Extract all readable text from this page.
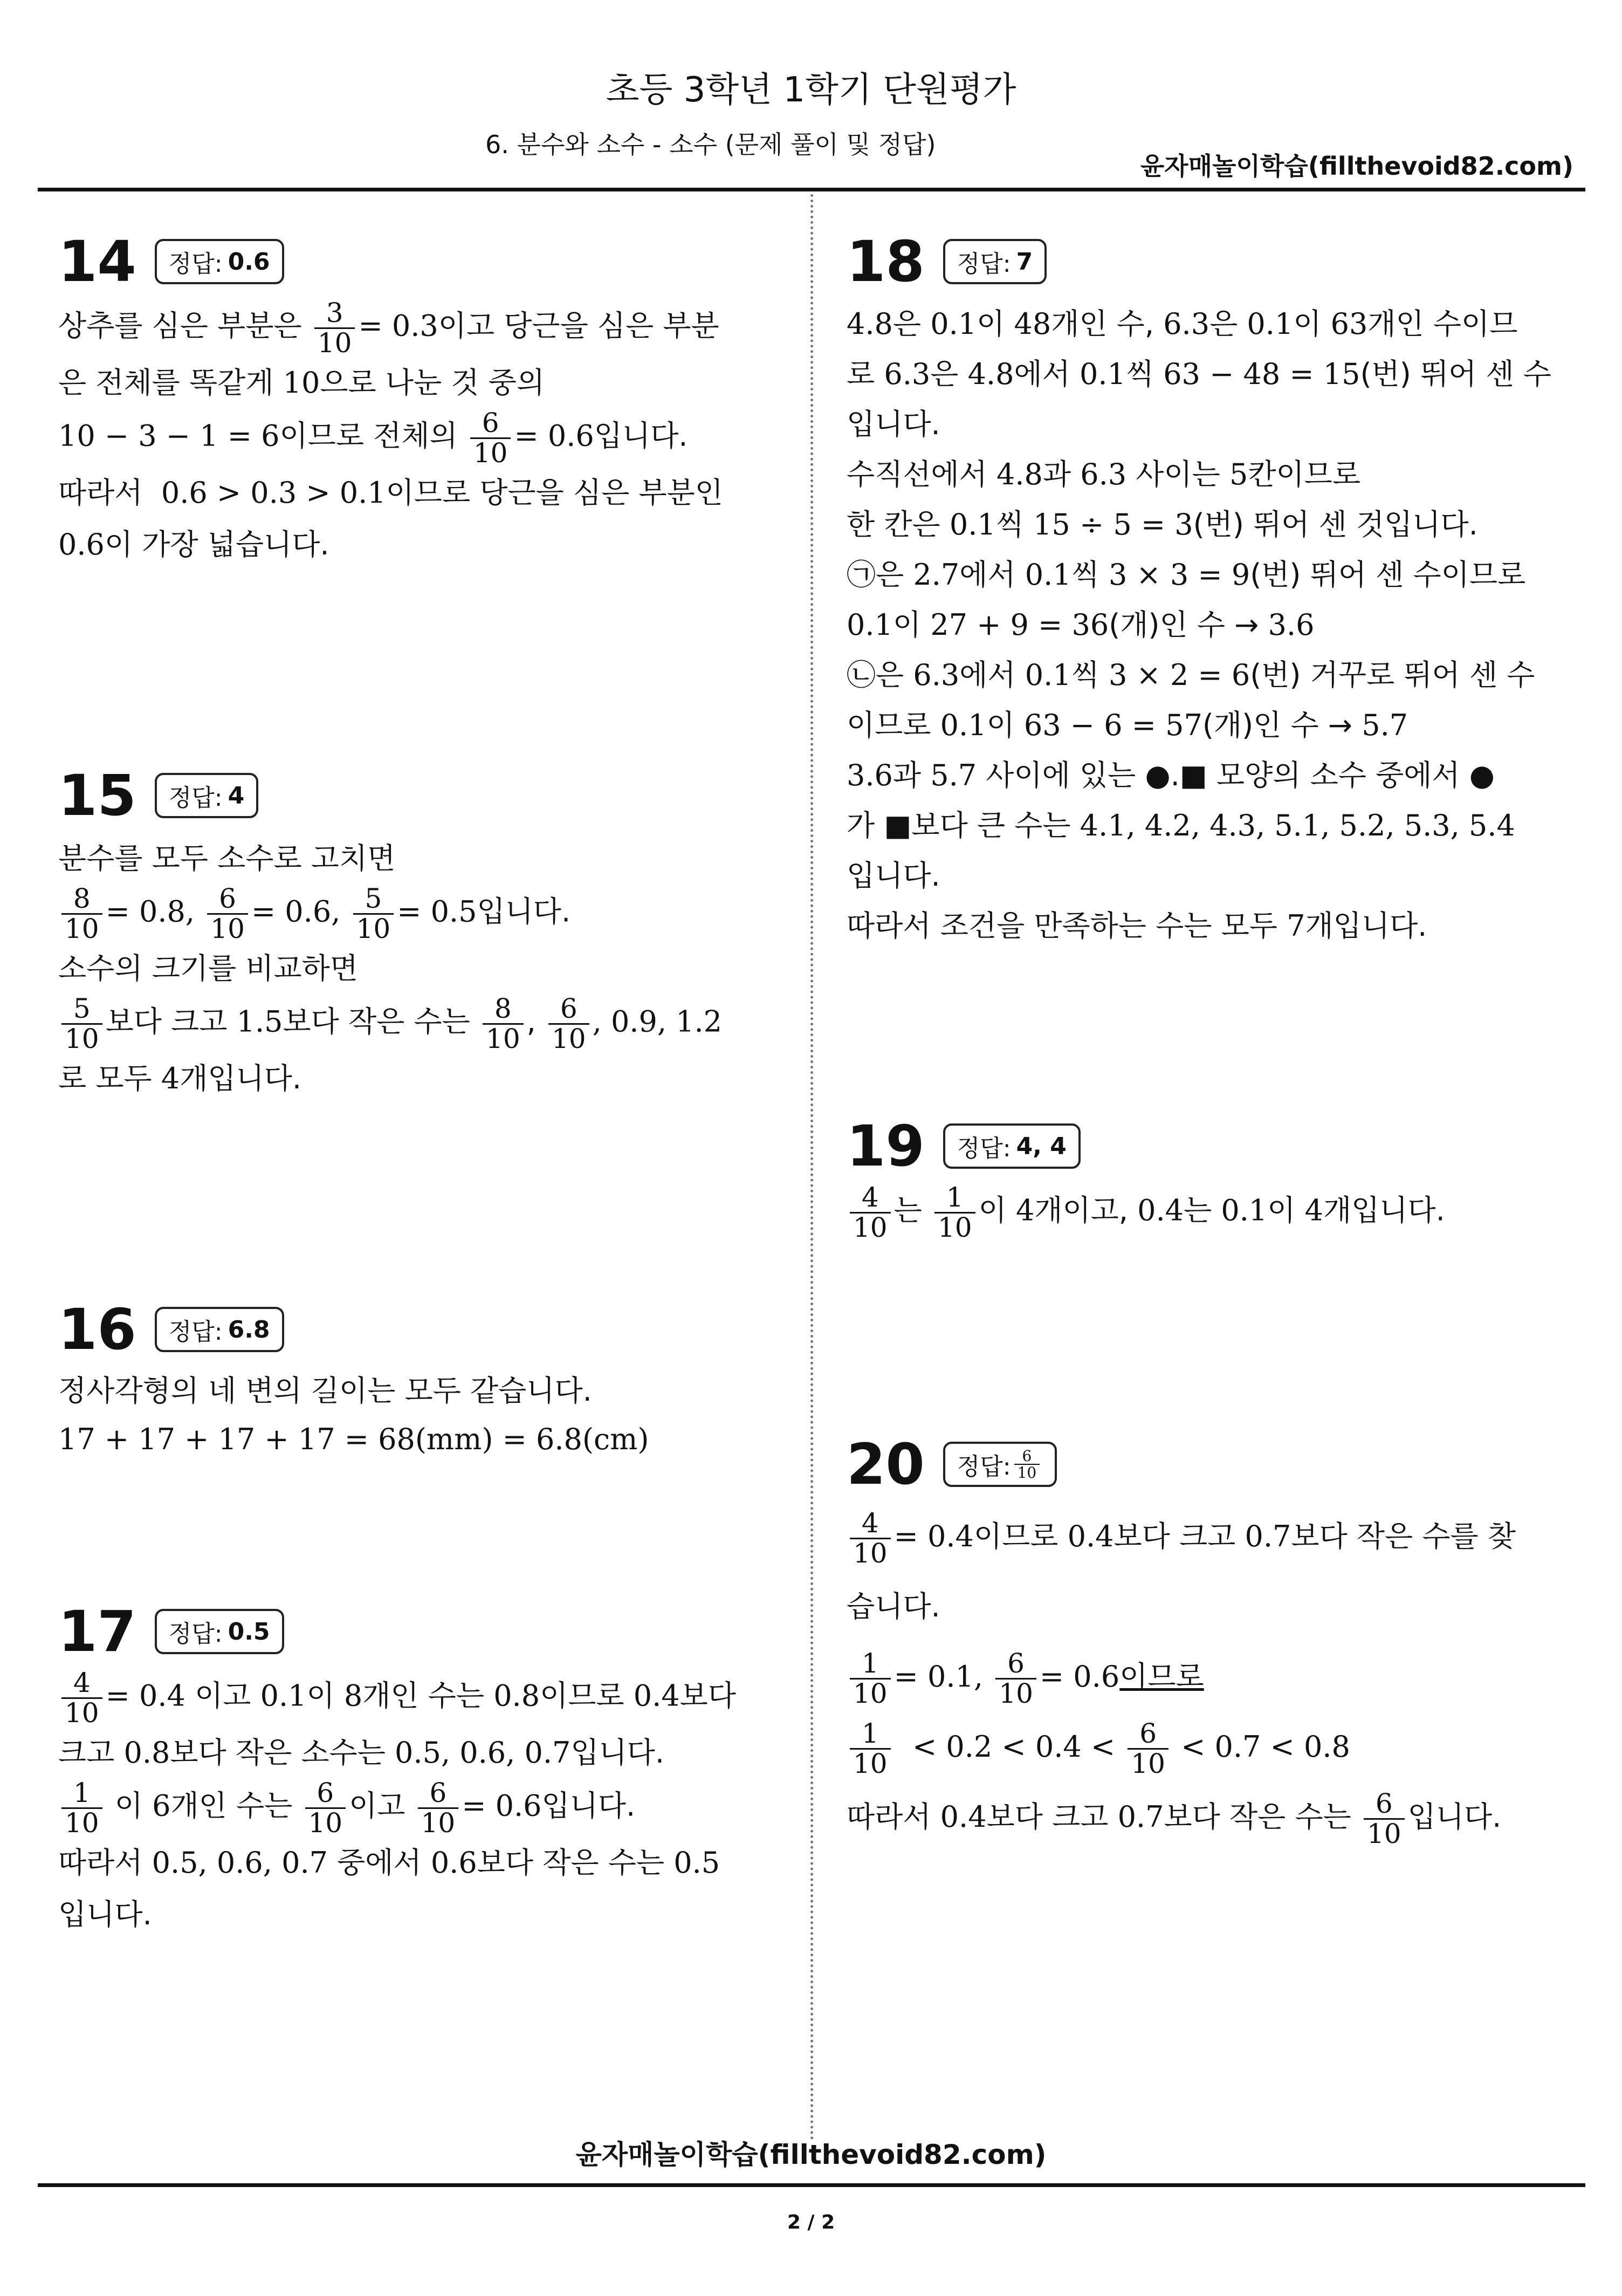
초등 3학년 1학기 단원평가
6. 분수와 소수 - 소수 (문제 풀이 및 정답)
윤자매놀이학습(fillthevoid82.com)
14 정답: 0.6
상추를 심은 부분은 $\frac{3}{10} = 0.3$이고 당근을 심은 부분
은 전체를 똑같게 10으로 나눈 것 중의
10 − 3 − 1 = 6이므로 전체의 $\frac{6}{10} = 0.6$입니다.
따라서 0.6 > 0.3 > 0.1이므로 당근을 심은 부분인
0.6이 가장 넓습니다.
15 정답: 4
분수를 모두 소수로 고치면
$\frac{8}{10} = 0.8$, $\frac{6}{10} = 0.6$, $\frac{5}{10} = 0.5$입니다.
소수의 크기를 비교하면
$\frac{5}{10}$ 보다 크고 1.5보다 작은 수는 $\frac{8}{10}$ , $\frac{6}{10}$ , 0.9, 1.2
로 모두 4개입니다.
16 정답: 6.8
정사각형의 네 변의 길이는 모두 같습니다.
17 + 17 + 17 + 17 = 68(mm) = 6.8(cm)
17 정답: 0.5
$\frac{4}{10} = 0.4$ 이고 0.1이 8개인 수는 0.8이므로 0.4보다
크고 0.8보다 작은 소수는 0.5, 0.6, 0.7입니다.
$\frac{1}{10}$ 이 6개인 수는 $\frac{6}{10}$ 이고 $\frac{6}{10} = 0.6$입니다.
따라서 0.5, 0.6, 0.7 중에서 0.6보다 작은 수는 0.5
입니다.
18 정답: 7
4.8은 0.1이 48개인 수, 6.3은 0.1이 63개인 수이므
로 6.3은 4.8에서 0.1씩 63 − 48 = 15(번) 뛰어 센 수
입니다.
수직선에서 4.8과 6.3 사이는 5칸이므로
한 칸은 0.1씩 15 ÷ 5 = 3(번) 뛰어 센 것입니다.
㉠은 2.7에서 0.1씩 3 × 3 = 9(번) 뛰어 센 수이므로
0.1이 27 + 9 = 36(개)인 수 → 3.6
㉡은 6.3에서 0.1씩 3 × 2 = 6(번) 거꾸로 뛰어 센 수
이므로 0.1이 63 − 6 = 57(개)인 수 → 5.7
3.6과 5.7 사이에 있는 ●.■ 모양의 소수 중에서 ●
가 ■보다 큰 수는 4.1, 4.2, 4.3, 5.1, 5.2, 5.3, 5.4
입니다.
따라서 조건을 만족하는 수는 모두 7개입니다.
19 정답: 4, 4
$\frac{4}{10}$ 는 $\frac{1}{10}$ 이 4개이고, 0.4는 0.1이 4개입니다.
20 정답: $\frac{6}{10}$
$\frac{4}{10} = 0.4$이므로 0.4보다 크고 0.7보다 작은 수를 찾
습니다.
$\frac{1}{10} = 0.1$, $\frac{6}{10} = 0.6$이므로
$\frac{1}{10} < 0.2 < 0.4 < \frac{6}{10} < 0.7 < 0.8$
따라서 0.4보다 크고 0.7보다 작은 수는 $\frac{6}{10}$ 입니다.
윤자매놀이학습(fillthevoid82.com)
2 / 2
